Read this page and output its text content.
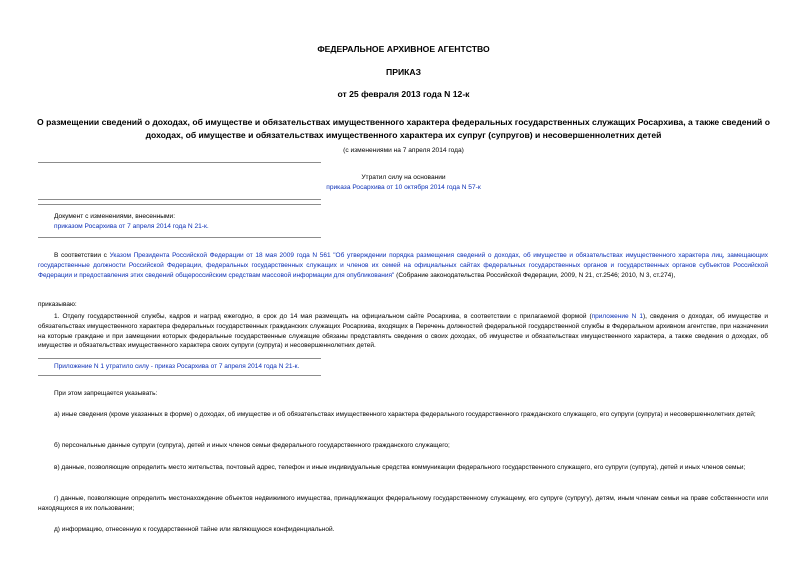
ФЕДЕРАЛЬНОЕ АРХИВНОЕ АГЕНТСТВО
ПРИКАЗ
от 25 февраля 2013 года N 12-к
О размещении сведений о доходах, об имуществе и обязательствах имущественного характера федеральных государственных служащих Росархива, а также сведений о доходах, об имуществе и обязательствах имущественного характера их супруг (супругов) и несовершеннолетних детей
(с изменениями на 7 апреля 2014 года)
Утратил силу на основании
приказа Росархива от 10 октября 2014 года N 57-к
Документ с изменениями, внесенными:
приказом Росархива от 7 апреля 2014 года N 21-к.
В соответствии с Указом Президента Российской Федерации от 18 мая 2009 года N 561 "Об утверждении порядка размещения сведений о доходах, об имуществе и обязательствах имущественного характера лиц, замещающих государственные должности Российской Федерации, федеральных государственных служащих и членов их семей на официальных сайтах федеральных государственных органов и государственных органов субъектов Российской Федерации и предоставления этих сведений общероссийским средствам массовой информации для опубликования" (Собрание законодательства Российской Федерации, 2009, N 21, ст.2546; 2010, N 3, ст.274),
приказываю:
1. Отделу государственной службы, кадров и наград ежегодно, в срок до 14 мая размещать на официальном сайте Росархива, в соответствии с прилагаемой формой (приложение N 1), сведения о доходах, об имуществе и обязательствах имущественного характера федеральных государственных гражданских служащих Росархива, входящих в Перечень должностей федеральной государственной службы в Федеральном архивном агентстве, при назначении на которые граждане и при замещении которых федеральные государственные служащие обязаны представлять сведения о своих доходах, об имуществе и обязательствах имущественного характера, а также сведения о доходах, об имуществе и обязательствах имущественного характера своих супруги (супруга) и несовершеннолетних детей.
Приложение N 1 утратило силу - приказ Росархива от 7 апреля 2014 года N 21-к.
При этом запрещается указывать:
а) иные сведения (кроме указанных в форме) о доходах, об имуществе и об обязательствах имущественного характера федерального государственного гражданского служащего, его супруги (супруга) и несовершеннолетних детей;
б) персональные данные супруги (супруга), детей и иных членов семьи федерального государственного гражданского служащего;
в) данные, позволяющие определить место жительства, почтовый адрес, телефон и иные индивидуальные средства коммуникации федерального государственного служащего, его супруги (супруга), детей и иных членов семьи;
г) данные, позволяющие определить местонахождение объектов недвижимого имущества, принадлежащих федеральному государственному служащему, его супруге (супругу), детям, иным членам семьи на праве собственности или находящихся в их пользовании;
д) информацию, отнесенную к государственной тайне или являющуюся конфиденциальной.
